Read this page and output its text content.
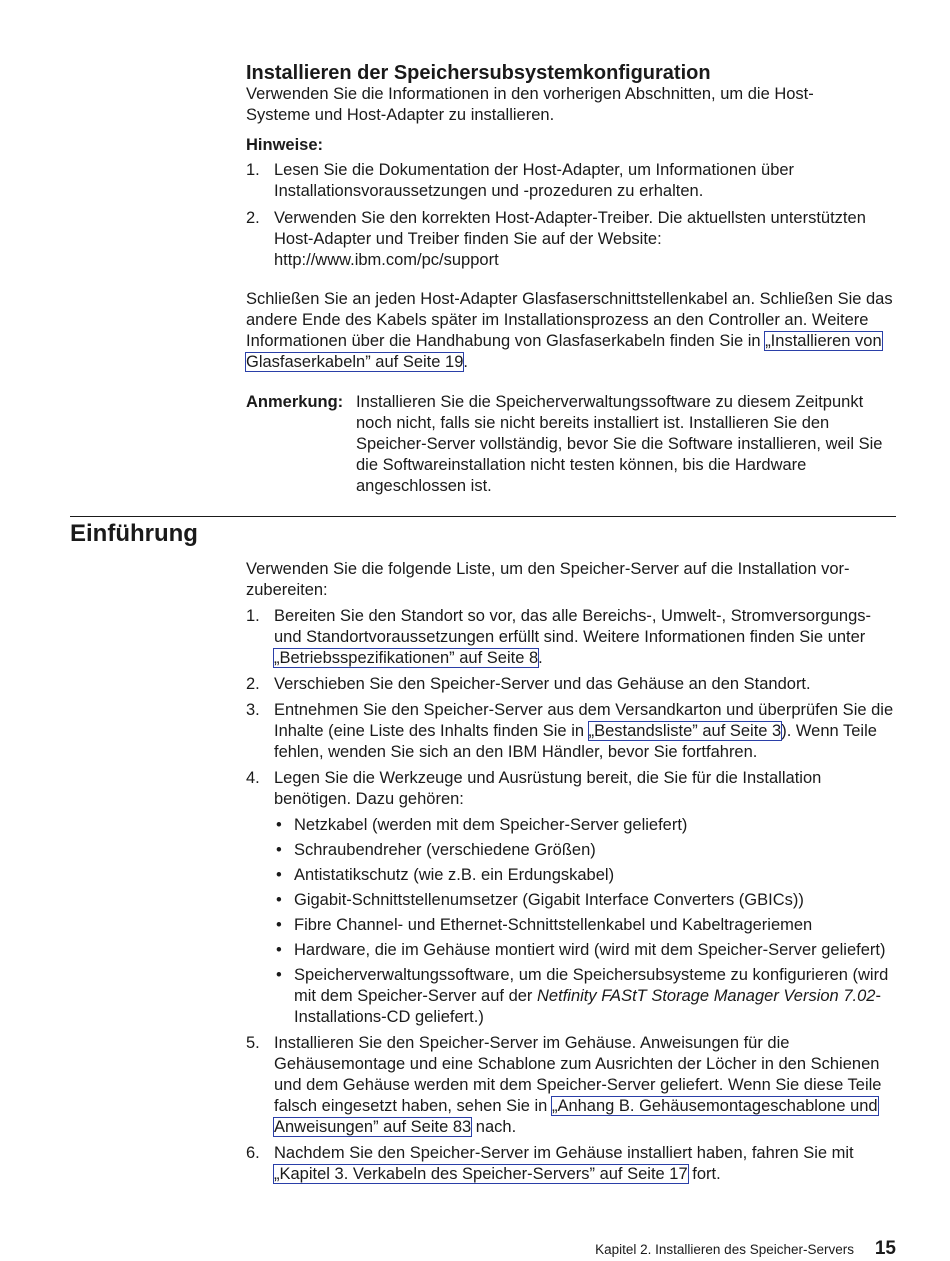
Installieren der Speichersubsystemkonfiguration

Verwenden Sie die Informationen in den vorherigen Abschnitten, um die Host-Systeme und Host-Adapter zu installieren.

Hinweise:
1. Lesen Sie die Dokumentation der Host-Adapter, um Informationen über Installationsvoraussetzungen und -prozeduren zu erhalten.
2. Verwenden Sie den korrekten Host-Adapter-Treiber. Die aktuellsten unterstützten Host-Adapter und Treiber finden Sie auf der Website: http://www.ibm.com/pc/support

Schließen Sie an jeden Host-Adapter Glasfaserschnittstellenkabel an. Schließen Sie das andere Ende des Kabels später im Installationsprozess an den Controller an. Weitere Informationen über die Handhabung von Glasfaserkabeln finden Sie in „Installieren von Glasfaserkabeln” auf Seite 19.

Anmerkung: Installieren Sie die Speicherverwaltungssoftware zu diesem Zeitpunkt noch nicht, falls sie nicht bereits installiert ist. Installieren Sie den Speicher-Server vollständig, bevor Sie die Software installieren, weil Sie die Softwareinstallation nicht testen können, bis die Hardware angeschlossen ist.

Einführung

Verwenden Sie die folgende Liste, um den Speicher-Server auf die Installation vorzubereiten:

1. Bereiten Sie den Standort so vor, das alle Bereichs-, Umwelt-, Stromversorgungs- und Standortvoraussetzungen erfüllt sind. Weitere Informationen finden Sie unter „Betriebsspezifikationen” auf Seite 8.
2. Verschieben Sie den Speicher-Server und das Gehäuse an den Standort.
3. Entnehmen Sie den Speicher-Server aus dem Versandkarton und überprüfen Sie die Inhalte (eine Liste des Inhalts finden Sie in „Bestandsliste” auf Seite 3). Wenn Teile fehlen, wenden Sie sich an den IBM Händler, bevor Sie fortfahren.
4. Legen Sie die Werkzeuge und Ausrüstung bereit, die Sie für die Installation benötigen. Dazu gehören:
• Netzkabel (werden mit dem Speicher-Server geliefert)
• Schraubendreher (verschiedene Größen)
• Antistatikschutz (wie z.B. ein Erdungskabel)
• Gigabit-Schnittstellenumsetzer (Gigabit Interface Converters (GBICs))
• Fibre Channel- und Ethernet-Schnittstellenkabel und Kabeltrageriemen
• Hardware, die im Gehäuse montiert wird (wird mit dem Speicher-Server geliefert)
• Speicherverwaltungssoftware, um die Speichersubsysteme zu konfigurieren (wird mit dem Speicher-Server auf der Netfinity FAStT Storage Manager Version 7.02-Installations-CD geliefert.)
5. Installieren Sie den Speicher-Server im Gehäuse. Anweisungen für die Gehäusemontage und eine Schablone zum Ausrichten der Löcher in den Schienen und dem Gehäuse werden mit dem Speicher-Server geliefert. Wenn Sie diese Teile falsch eingesetzt haben, sehen Sie in „Anhang B. Gehäusemontageschablone und Anweisungen” auf Seite 83 nach.
6. Nachdem Sie den Speicher-Server im Gehäuse installiert haben, fahren Sie mit „Kapitel 3. Verkabeln des Speicher-Servers” auf Seite 17 fort.
Kapitel 2. Installieren des Speicher-Servers 15
